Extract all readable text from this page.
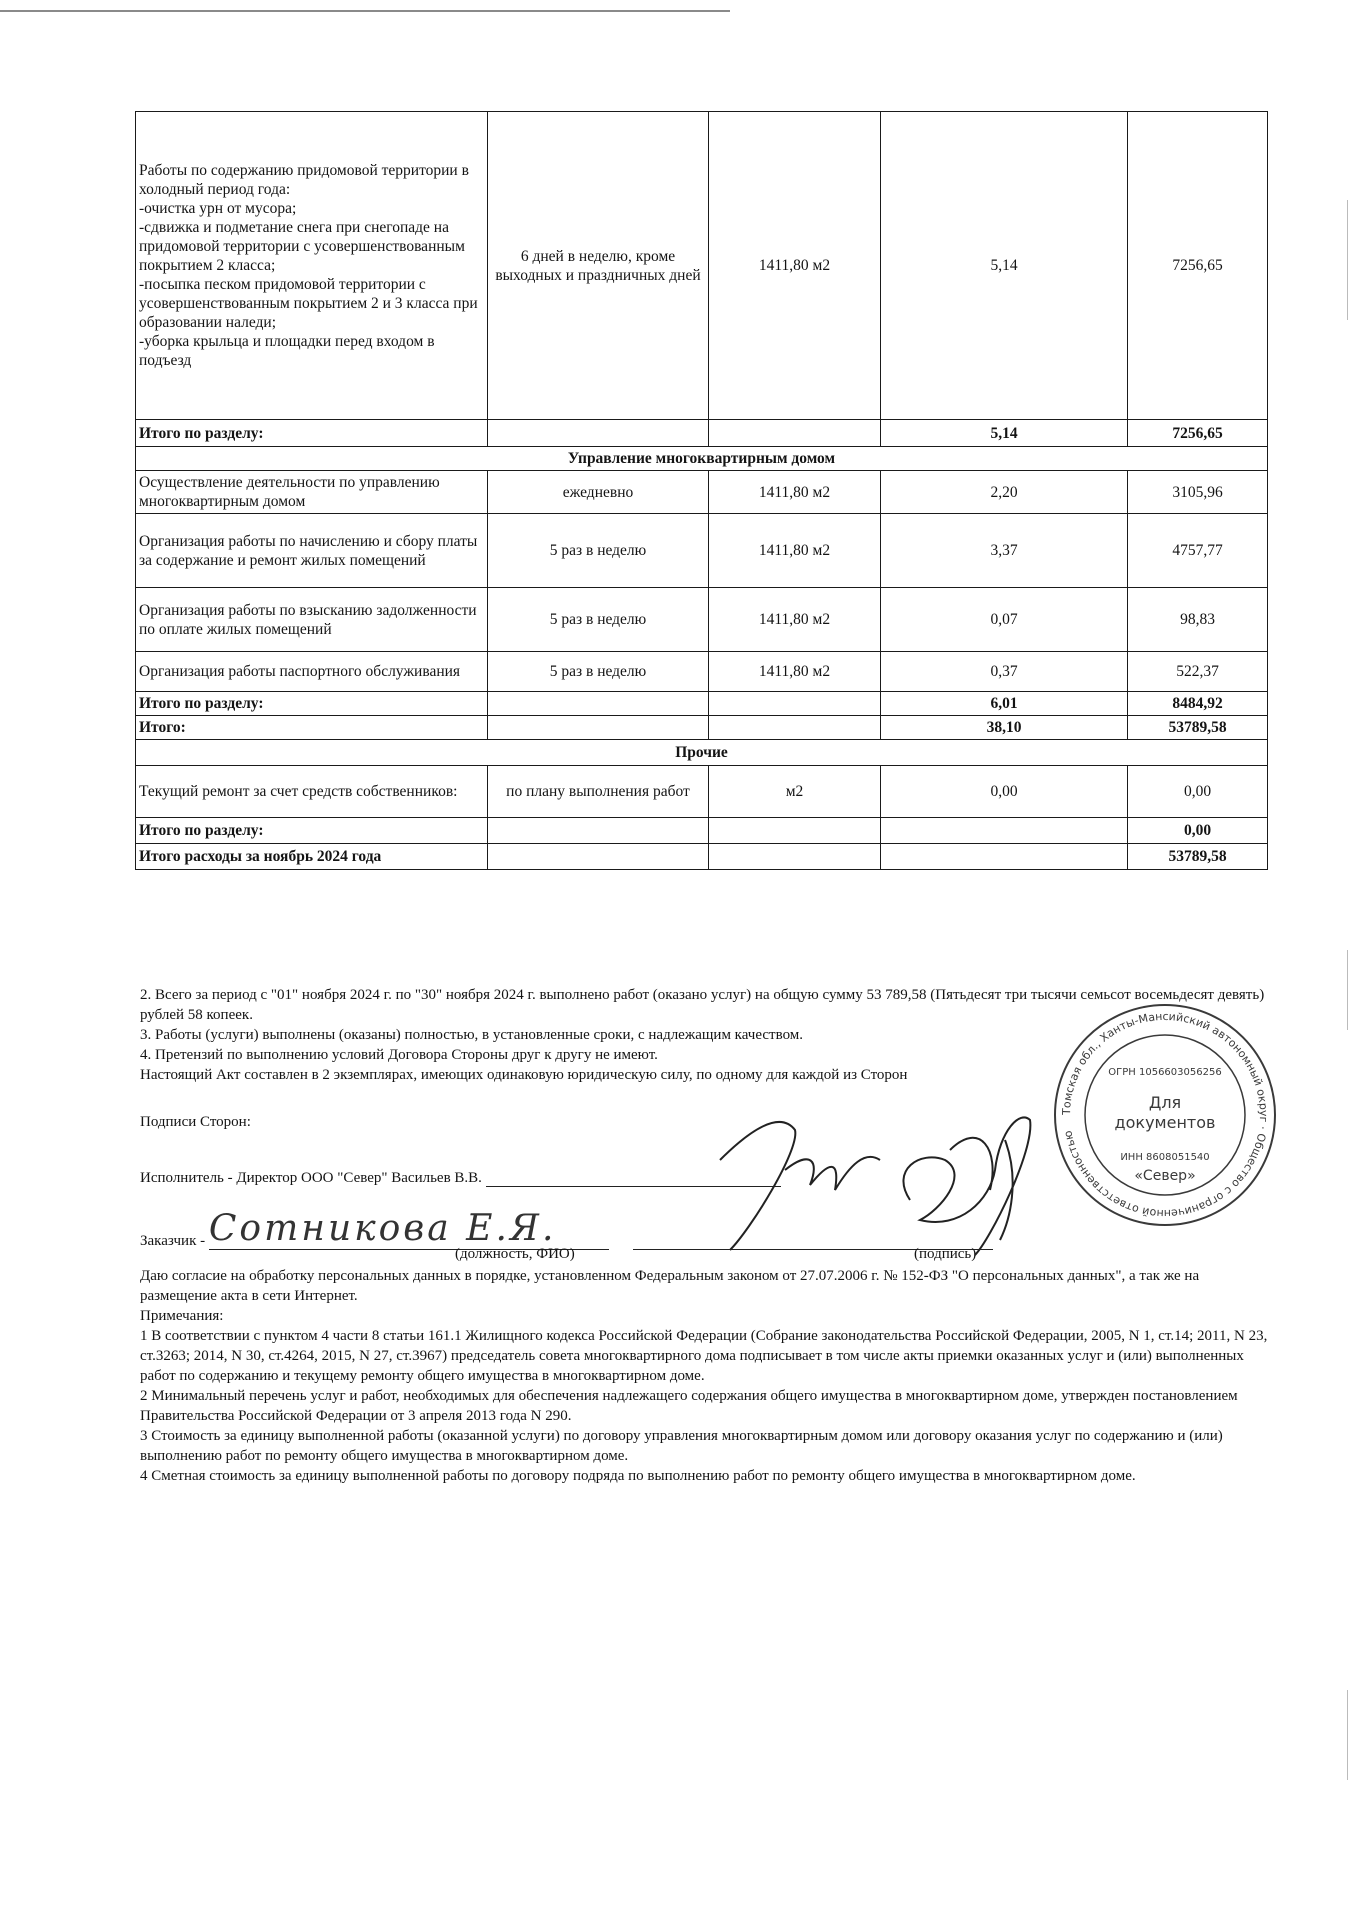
Работы по содержанию придомовой территории в холодный период года:
-очистка урн от мусора;
-сдвижка и подметание снега при снегопаде на придомовой территории с усовершенствованным покрытием 2 класса;
-посыпка песком придомовой территории с усовершенствованным покрытием 2 и 3 класса при образовании наледи;
-уборка крыльца и площадки перед входом в подъезд	6 дней в неделю, кроме выходных и праздничных дней	1411,80 м2	5,14	7256,65
Итого по разделу:			5,14	7256,65
Управление многоквартирным домом				
Осуществление деятельности по управлению многоквартирным домом	ежедневно	1411,80 м2	2,20	3105,96
Организация работы по начислению и сбору платы за содержание и ремонт жилых помещений	5 раз в неделю	1411,80 м2	3,37	4757,77
Организация работы по взысканию задолженности по оплате жилых помещений	5 раз в неделю	1411,80 м2	0,07	98,83
Организация работы паспортного обслуживания	5 раз в неделю	1411,80 м2	0,37	522,37
Итого по разделу:			6,01	8484,92
Итого:			38,10	53789,58
Прочие				
Текущий ремонт за счет средств собственников:	по плану выполнения работ	м2	0,00	0,00
Итого по разделу:				0,00
Итого расходы за ноябрь 2024 года				53789,58

2. Всего за период с "01" ноября 2024 г. по "30" ноября 2024 г. выполнено работ (оказано услуг) на общую сумму 53 789,58 (Пятьдесят три тысячи семьсот восемьдесят девять) рублей 58 копеек.

3. Работы (услуги) выполнены (оказаны) полностью, в установленные сроки, с надлежащим качеством.

4. Претензий по выполнению условий Договора Стороны друг к другу не имеют.

Настоящий Акт составлен в 2 экземплярах, имеющих одинаковую юридическую силу, по одному для каждой из Сторон

Подписи Сторон:

Исполнитель - Директор ООО "Север" Васильев В.В.
Заказчик - Сотникова Е.Я.
(должность, ФИО)	(подпись)
Томская обл., Ханты-Мансийский автономный округ · Общество с ограниченной ответственностью
ОГРН 1056603056256
Для
документов
ИНН 8608051540
«Север»

Даю согласие на обработку персональных данных в порядке, установленном Федеральным законом от 27.07.2006 г. № 152-ФЗ "О персональных данных", а так же на размещение акта в сети Интернет.

Примечания:

1 В соответствии с пунктом 4 части 8 статьи 161.1 Жилищного кодекса Российской Федерации (Собрание законодательства Российской Федерации, 2005, N 1, ст.14; 2011, N 23, ст.3263; 2014, N 30, ст.4264, 2015, N 27, ст.3967) председатель совета многоквартирного дома подписывает в том числе акты приемки оказанных услуг и (или) выполненных работ по содержанию и текущему ремонту общего имущества в многоквартирном доме.

2 Минимальный перечень услуг и работ, необходимых для обеспечения надлежащего содержания общего имущества в многоквартирном доме, утвержден постановлением Правительства Российской Федерации от 3 апреля 2013 года N 290.

3 Стоимость за единицу выполненной работы (оказанной услуги) по договору управления многоквартирным домом или договору оказания услуг по содержанию и (или) выполнению работ по ремонту общего имущества в многоквартирном доме.

4 Сметная стоимость за единицу выполненной работы по договору подряда по выполнению работ по ремонту общего имущества в многоквартирном доме.
